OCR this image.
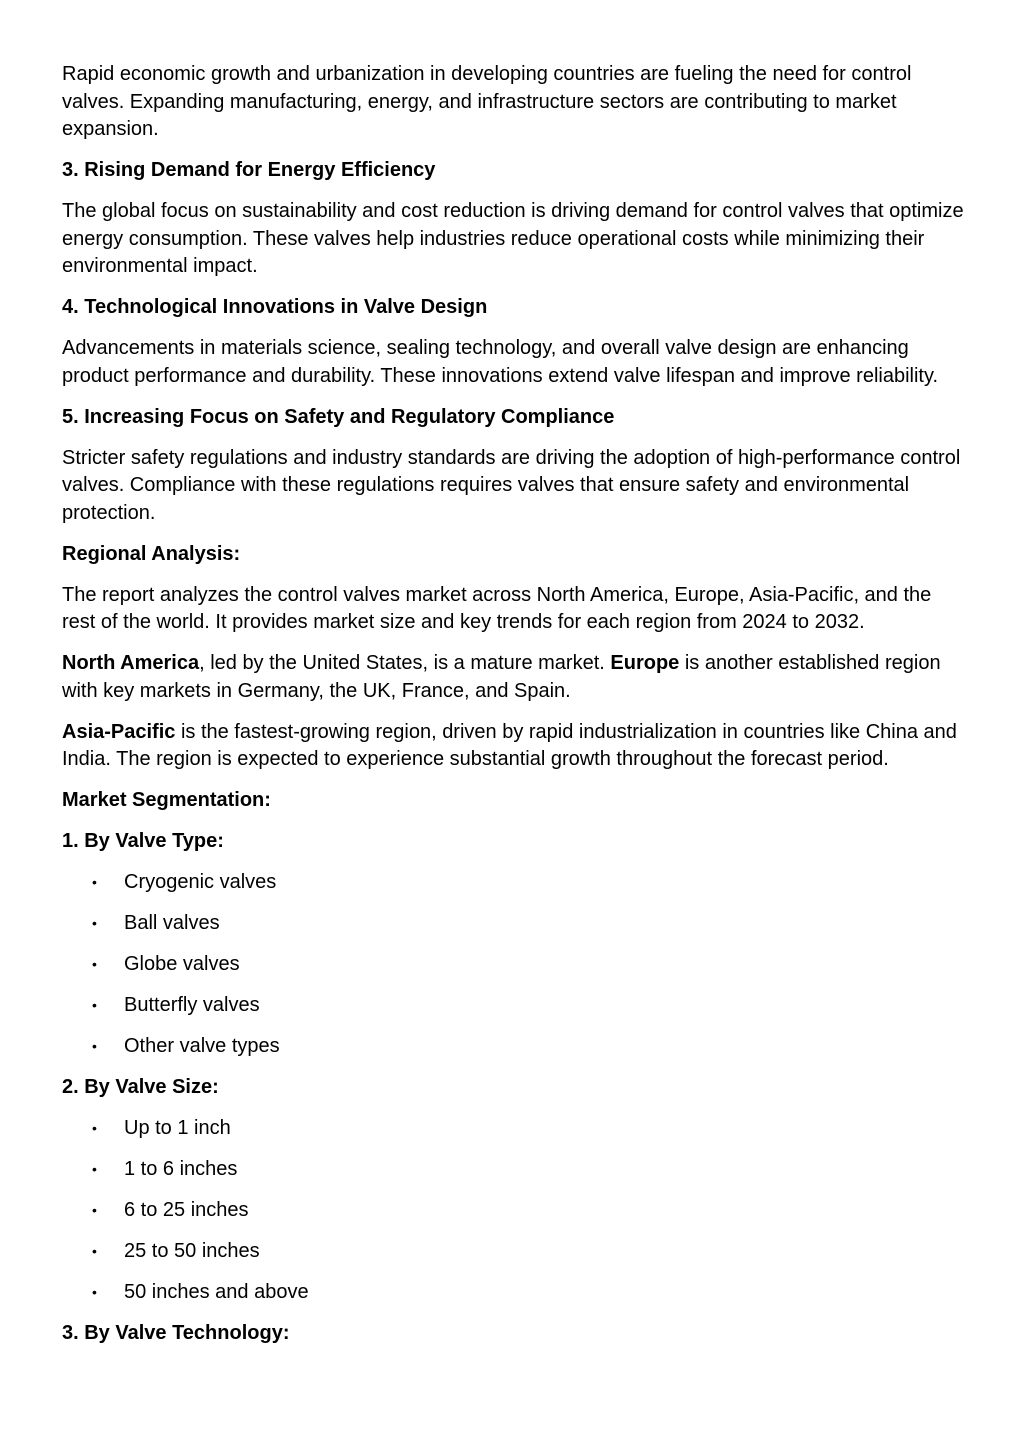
Rapid economic growth and urbanization in developing countries are fueling the need for control valves. Expanding manufacturing, energy, and infrastructure sectors are contributing to market expansion.

3. Rising Demand for Energy Efficiency

The global focus on sustainability and cost reduction is driving demand for control valves that optimize energy consumption. These valves help industries reduce operational costs while minimizing their environmental impact.

4. Technological Innovations in Valve Design

Advancements in materials science, sealing technology, and overall valve design are enhancing product performance and durability. These innovations extend valve lifespan and improve reliability.

5. Increasing Focus on Safety and Regulatory Compliance

Stricter safety regulations and industry standards are driving the adoption of high-performance control valves. Compliance with these regulations requires valves that ensure safety and environmental protection.

Regional Analysis:

The report analyzes the control valves market across North America, Europe, Asia-Pacific, and the rest of the world. It provides market size and key trends for each region from 2024 to 2032.

North America, led by the United States, is a mature market. Europe is another established region with key markets in Germany, the UK, France, and Spain.

Asia-Pacific is the fastest-growing region, driven by rapid industrialization in countries like China and India. The region is expected to experience substantial growth throughout the forecast period.

Market Segmentation:
1. By Valve Type:
• Cryogenic valves
• Ball valves
• Globe valves
• Butterfly valves
• Other valve types
2. By Valve Size:
• Up to 1 inch
• 1 to 6 inches
• 6 to 25 inches
• 25 to 50 inches
• 50 inches and above
3. By Valve Technology:
